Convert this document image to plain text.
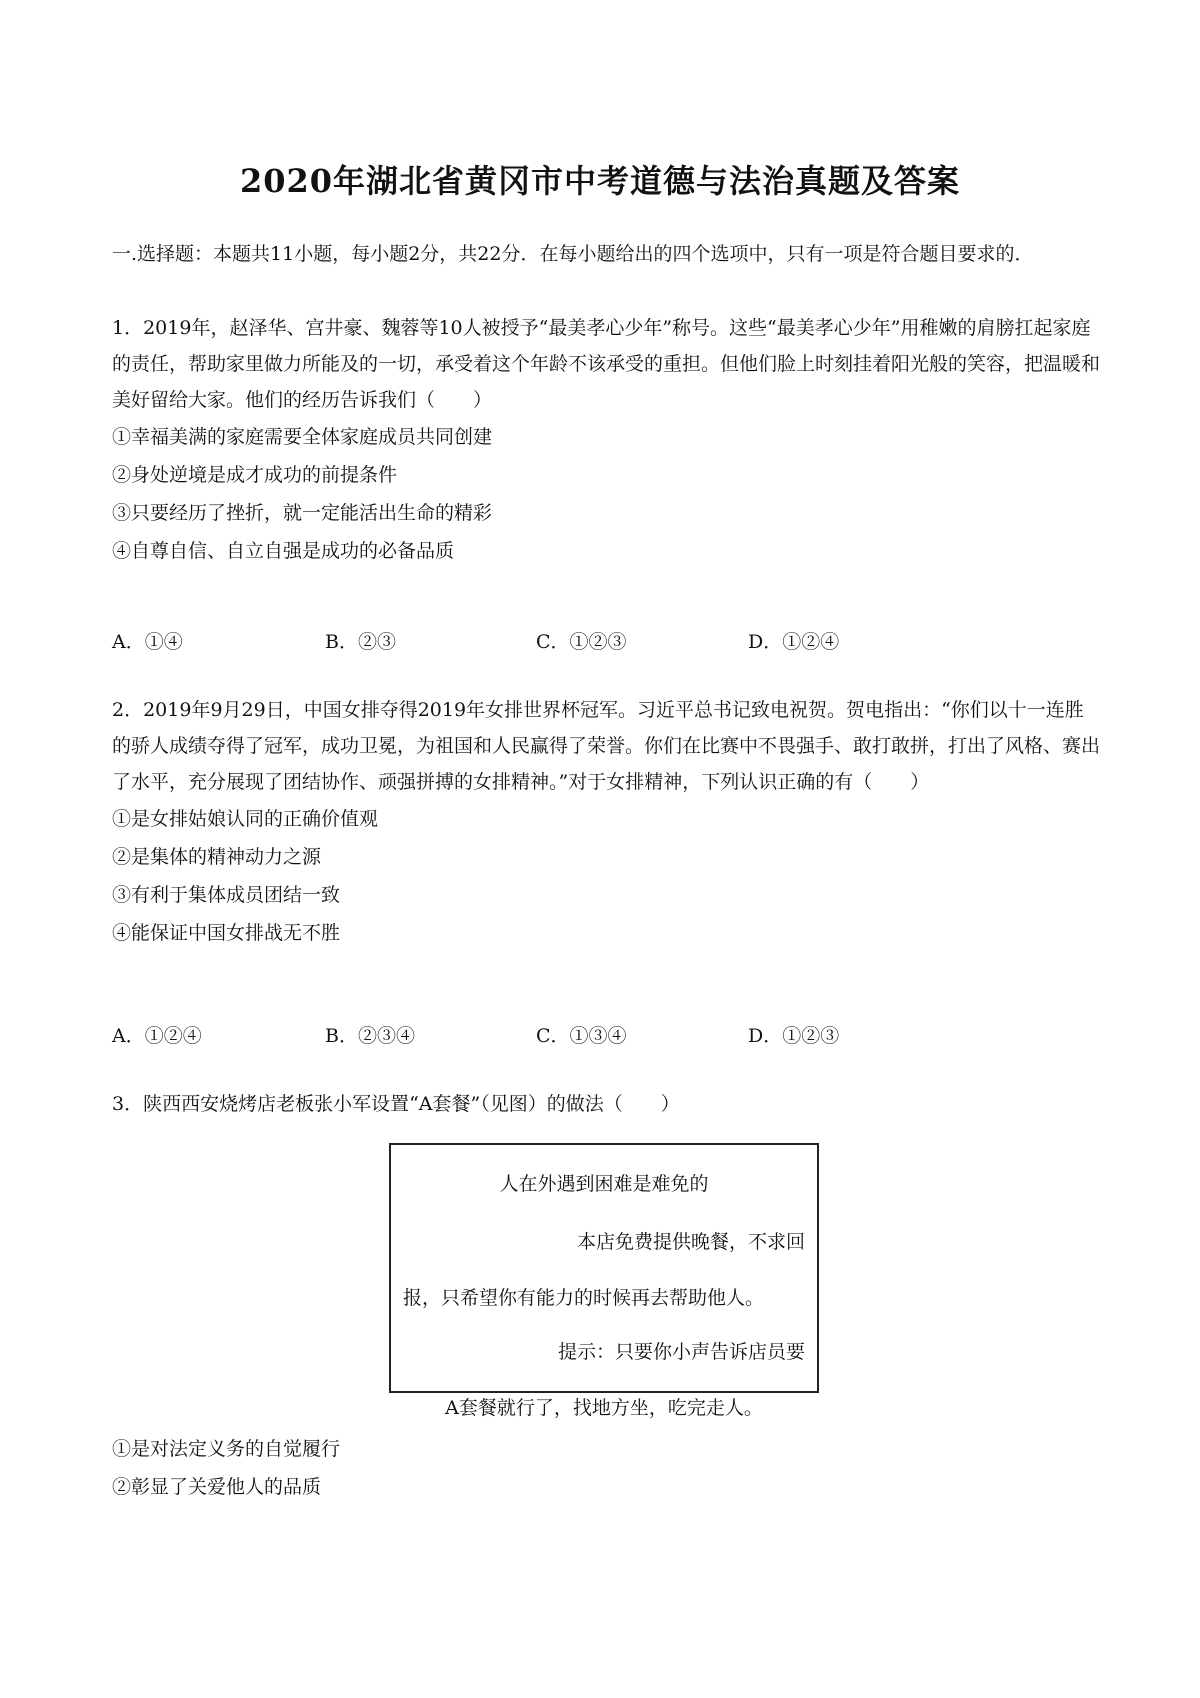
2020年湖北省黄冈市中考道德与法治真题及答案
一.选择题：本题共11小题，每小题2分，共22分．在每小题给出的四个选项中，只有一项是符合题目要求的．
1．2019年，赵泽华、宫井豪、魏蓉等10人被授予“最美孝心少年”称号。这些“最美孝心少年”用稚嫩的肩膀扛起家庭的责任，帮助家里做力所能及的一切，承受着这个年龄不该承受的重担。但他们脸上时刻挂着阳光般的笑容，把温暖和美好留给大家。他们的经历告诉我们（　　）
①幸福美满的家庭需要全体家庭成员共同创建
②身处逆境是成才成功的前提条件
③只要经历了挫折，就一定能活出生命的精彩
④自尊自信、自立自强是成功的必备品质
A．①④	B．②③	C．①②③	D．①②④
2．2019年9月29日，中国女排夺得2019年女排世界杯冠军。习近平总书记致电祝贺。贺电指出：“你们以十一连胜的骄人成绩夺得了冠军，成功卫冕，为祖国和人民赢得了荣誉。你们在比赛中不畏强手、敢打敢拼，打出了风格、赛出了水平，充分展现了团结协作、顽强拼搏的女排精神。”对于女排精神，下列认识正确的有（　　）
①是女排姑娘认同的正确价值观
②是集体的精神动力之源
③有利于集体成员团结一致
④能保证中国女排战无不胜
A．①②④	B．②③④	C．①③④	D．①②③
3．陕西西安烧烤店老板张小军设置“A套餐”（见图）的做法（　　）
人在外遇到困难是难免的
本店免费提供晚餐，不求回
报，只希望你有能力的时候再去帮助他人。
提示：只要你小声告诉店员要
A套餐就行了，找地方坐，吃完走人。
①是对法定义务的自觉履行
②彰显了关爱他人的品质
